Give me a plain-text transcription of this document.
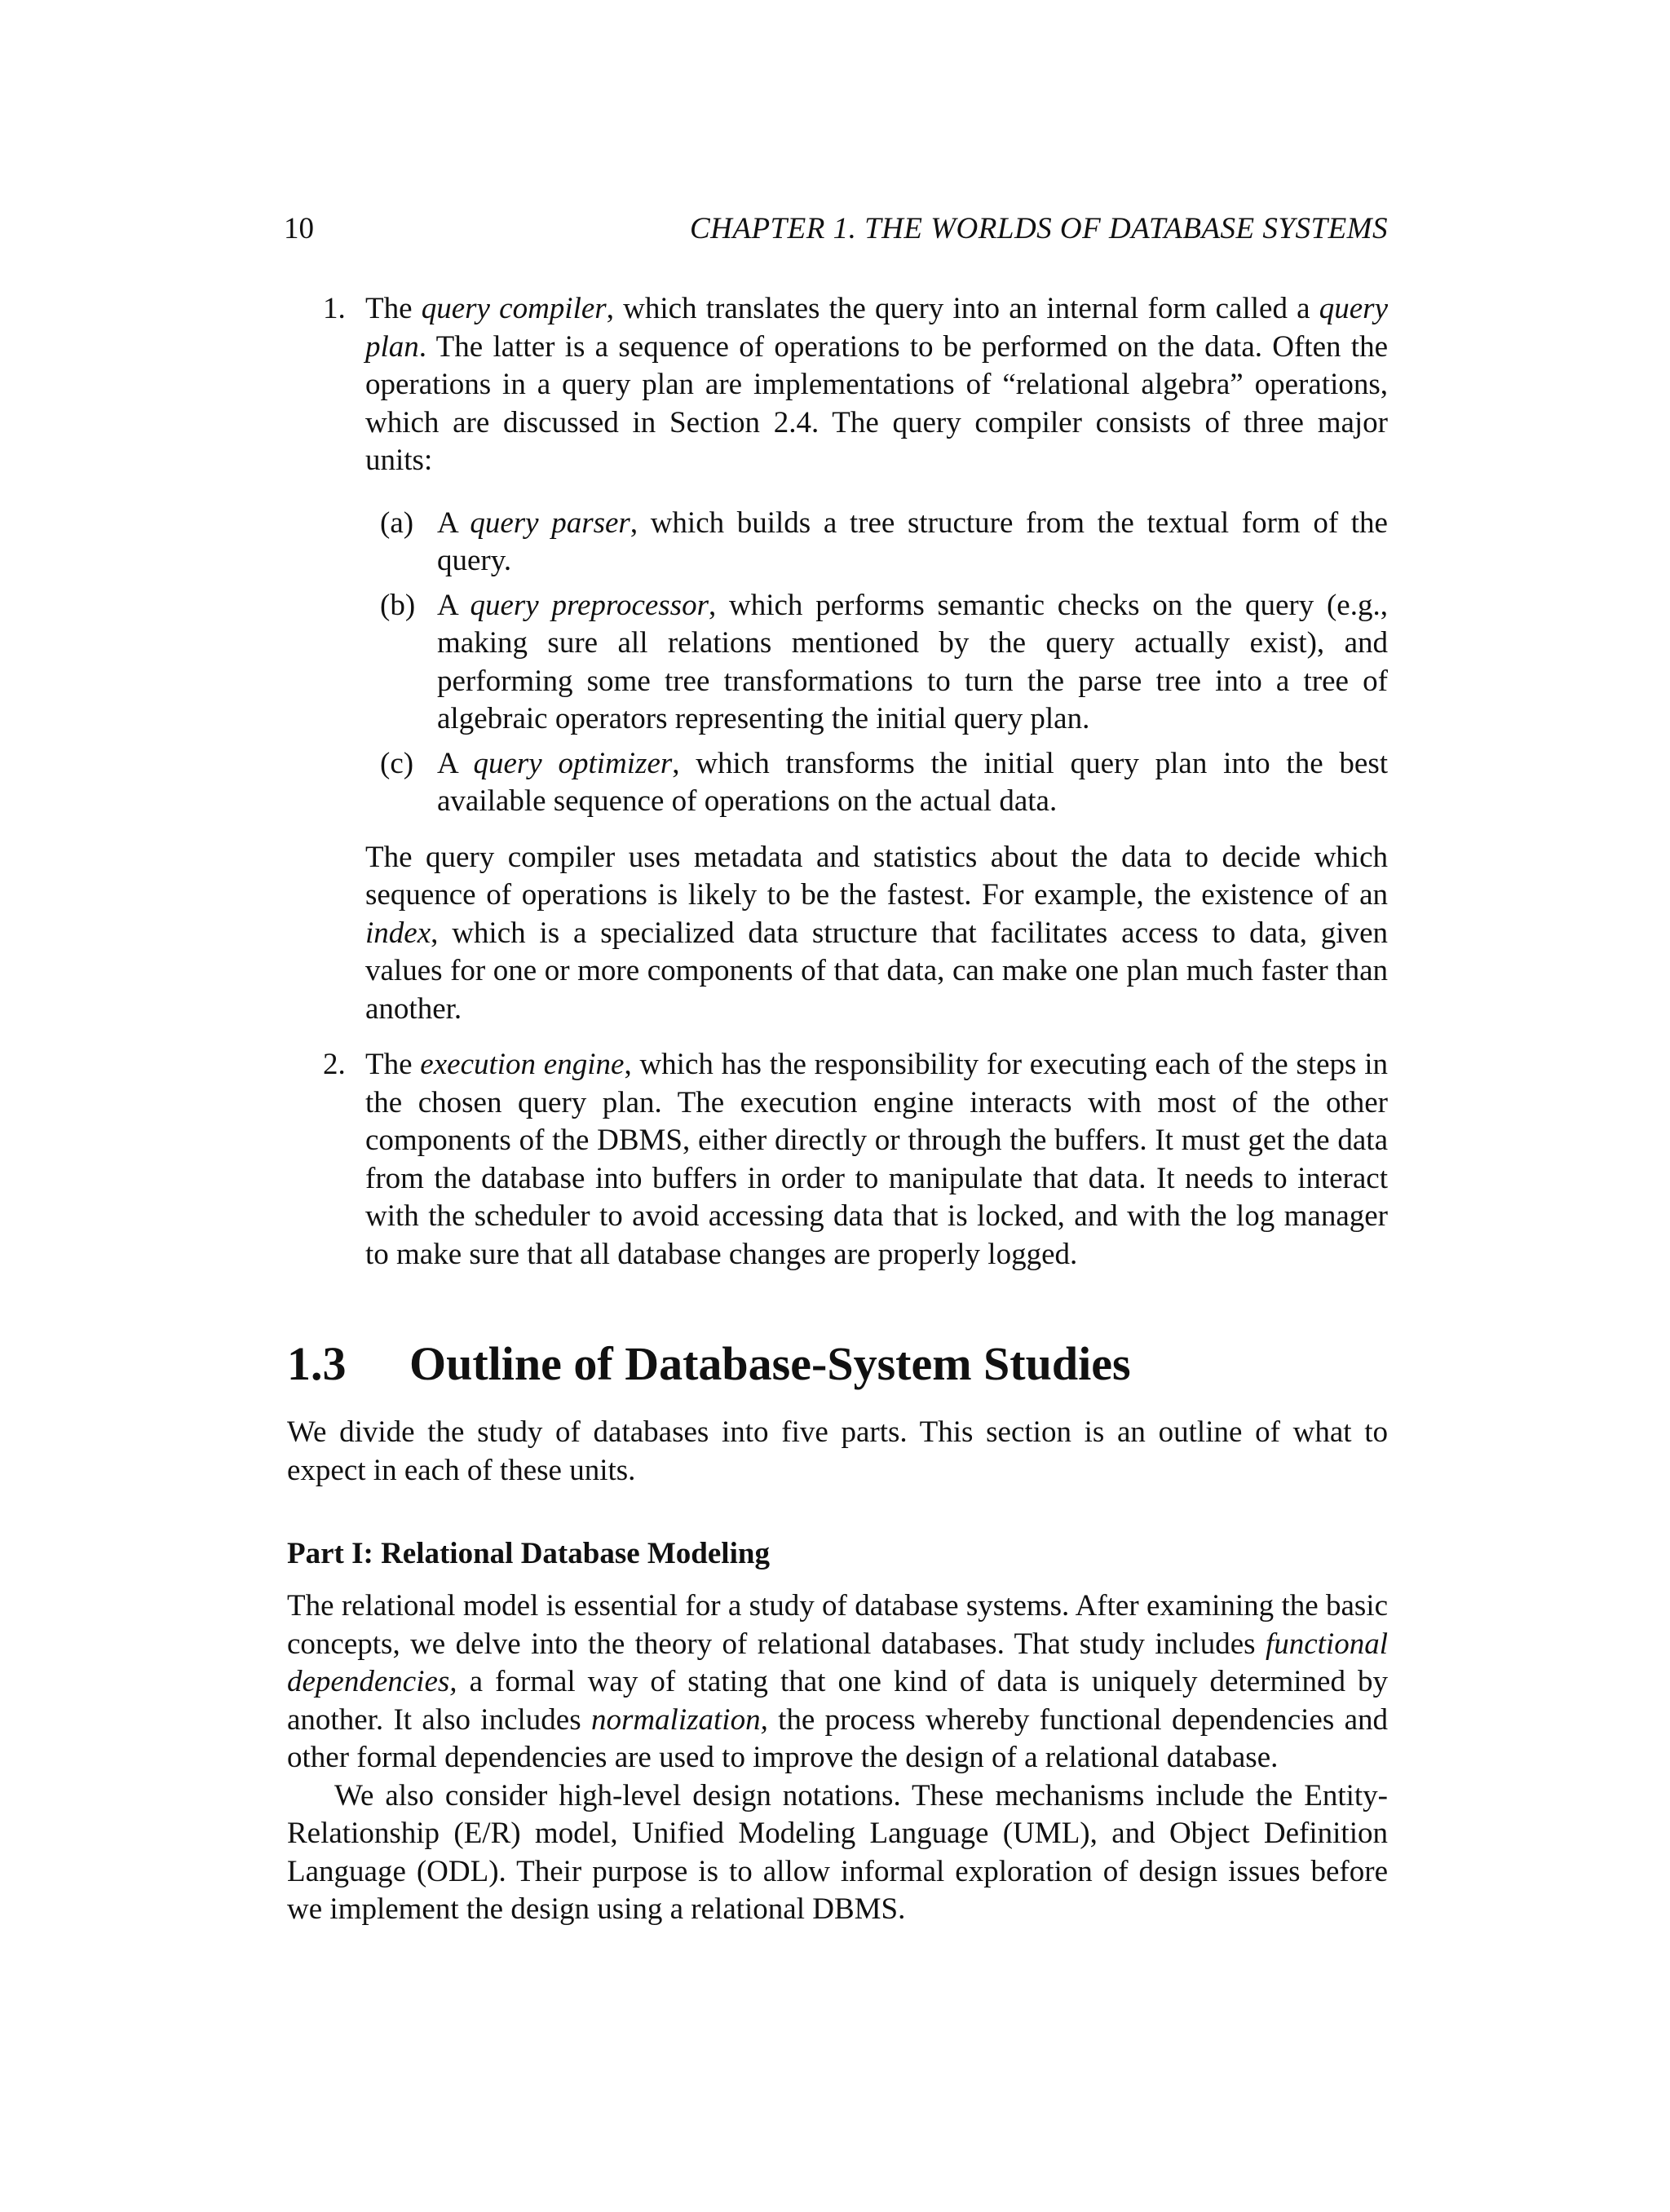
10	CHAPTER 1. THE WORLDS OF DATABASE SYSTEMS
1. The query compiler, which translates the query into an internal form called a query plan. The latter is a sequence of operations to be performed on the data. Often the operations in a query plan are implementations of “relational algebra” operations, which are discussed in Section 2.4. The query compiler consists of three major units:

(a) A query parser, which builds a tree structure from the textual form of the query.

(b) A query preprocessor, which performs semantic checks on the query (e.g., making sure all relations mentioned by the query actually exist), and performing some tree transformations to turn the parse tree into a tree of algebraic operators representing the initial query plan.

(c) A query optimizer, which transforms the initial query plan into the best available sequence of operations on the actual data.

The query compiler uses metadata and statistics about the data to decide which sequence of operations is likely to be the fastest. For example, the existence of an index, which is a specialized data structure that facilitates access to data, given values for one or more components of that data, can make one plan much faster than another.

2. The execution engine, which has the responsibility for executing each of the steps in the chosen query plan. The execution engine interacts with most of the other components of the DBMS, either directly or through the buffers. It must get the data from the database into buffers in order to manipulate that data. It needs to interact with the scheduler to avoid accessing data that is locked, and with the log manager to make sure that all database changes are properly logged.

1.3 Outline of Database-System Studies

We divide the study of databases into five parts. This section is an outline of what to expect in each of these units.

Part I: Relational Database Modeling

The relational model is essential for a study of database systems. After examining the basic concepts, we delve into the theory of relational databases. That study includes functional dependencies, a formal way of stating that one kind of data is uniquely determined by another. It also includes normalization, the process whereby functional dependencies and other formal dependencies are used to improve the design of a relational database.

We also consider high-level design notations. These mechanisms include the Entity-Relationship (E/R) model, Unified Modeling Language (UML), and Object Definition Language (ODL). Their purpose is to allow informal exploration of design issues before we implement the design using a relational DBMS.
